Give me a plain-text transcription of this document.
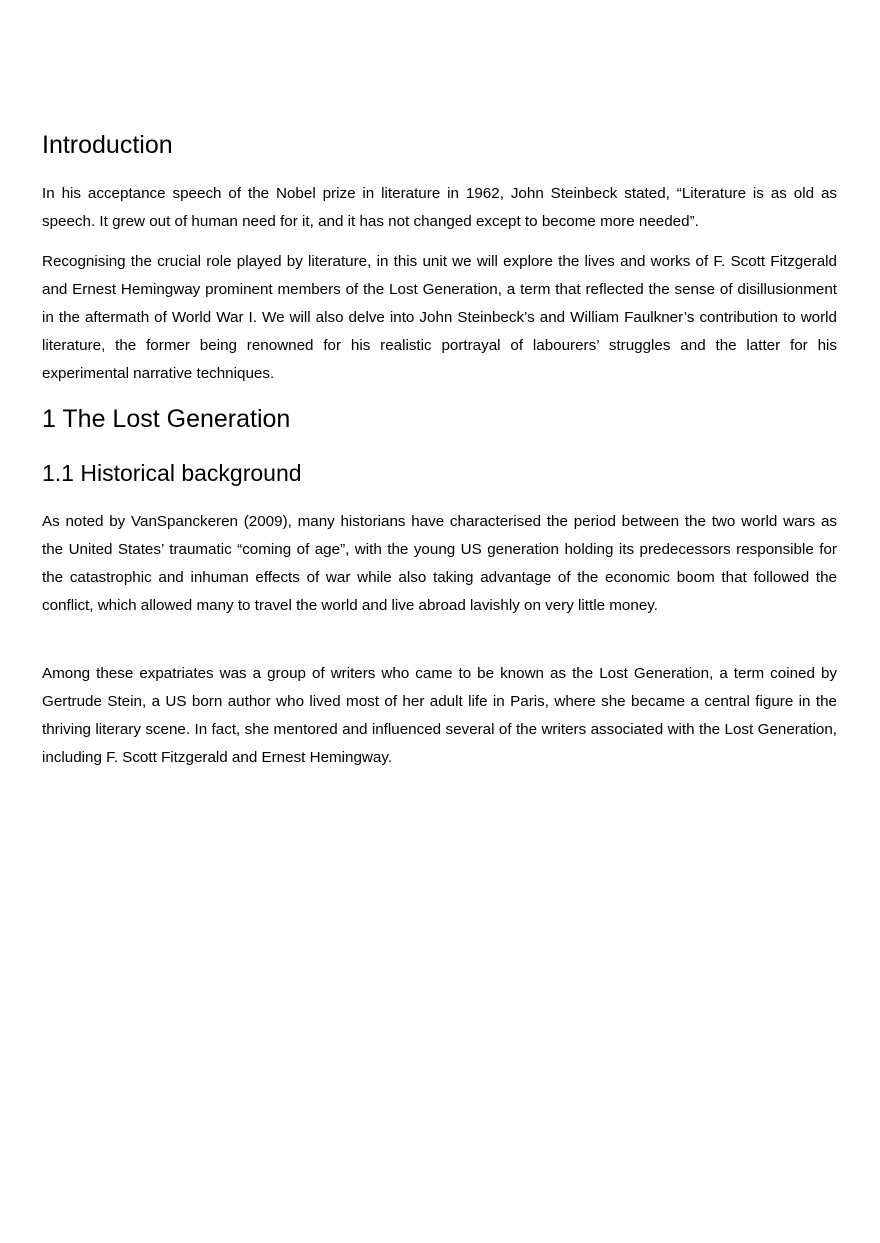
Introduction

In his acceptance speech of the Nobel prize in literature in 1962, John Steinbeck stated, “Literature is as old as speech. It grew out of human need for it, and it has not changed except to become more needed”.

Recognising the crucial role played by literature, in this unit we will explore the lives and works of F. Scott Fitzgerald and Ernest Hemingway prominent members of the Lost Generation, a term that reflected the sense of disillusionment in the aftermath of World War I. We will also delve into John Steinbeck’s and William Faulkner’s contribution to world literature, the former being renowned for his realistic portrayal of labourers’ struggles and the latter for his experimental narrative techniques.

1 The Lost Generation
1.1 Historical background

As noted by VanSpanckeren (2009), many historians have characterised the period between the two world wars as the United States’ traumatic “coming of age”, with the young US generation holding its predecessors responsible for the catastrophic and inhuman effects of war while also taking advantage of the economic boom that followed the conflict, which allowed many to travel the world and live abroad lavishly on very little money.

Among these expatriates was a group of writers who came to be known as the Lost Generation, a term coined by Gertrude Stein, a US born author who lived most of her adult life in Paris, where she became a central figure in the thriving literary scene. In fact, she mentored and influenced several of the writers associated with the Lost Generation, including F. Scott Fitzgerald and Ernest Hemingway.
